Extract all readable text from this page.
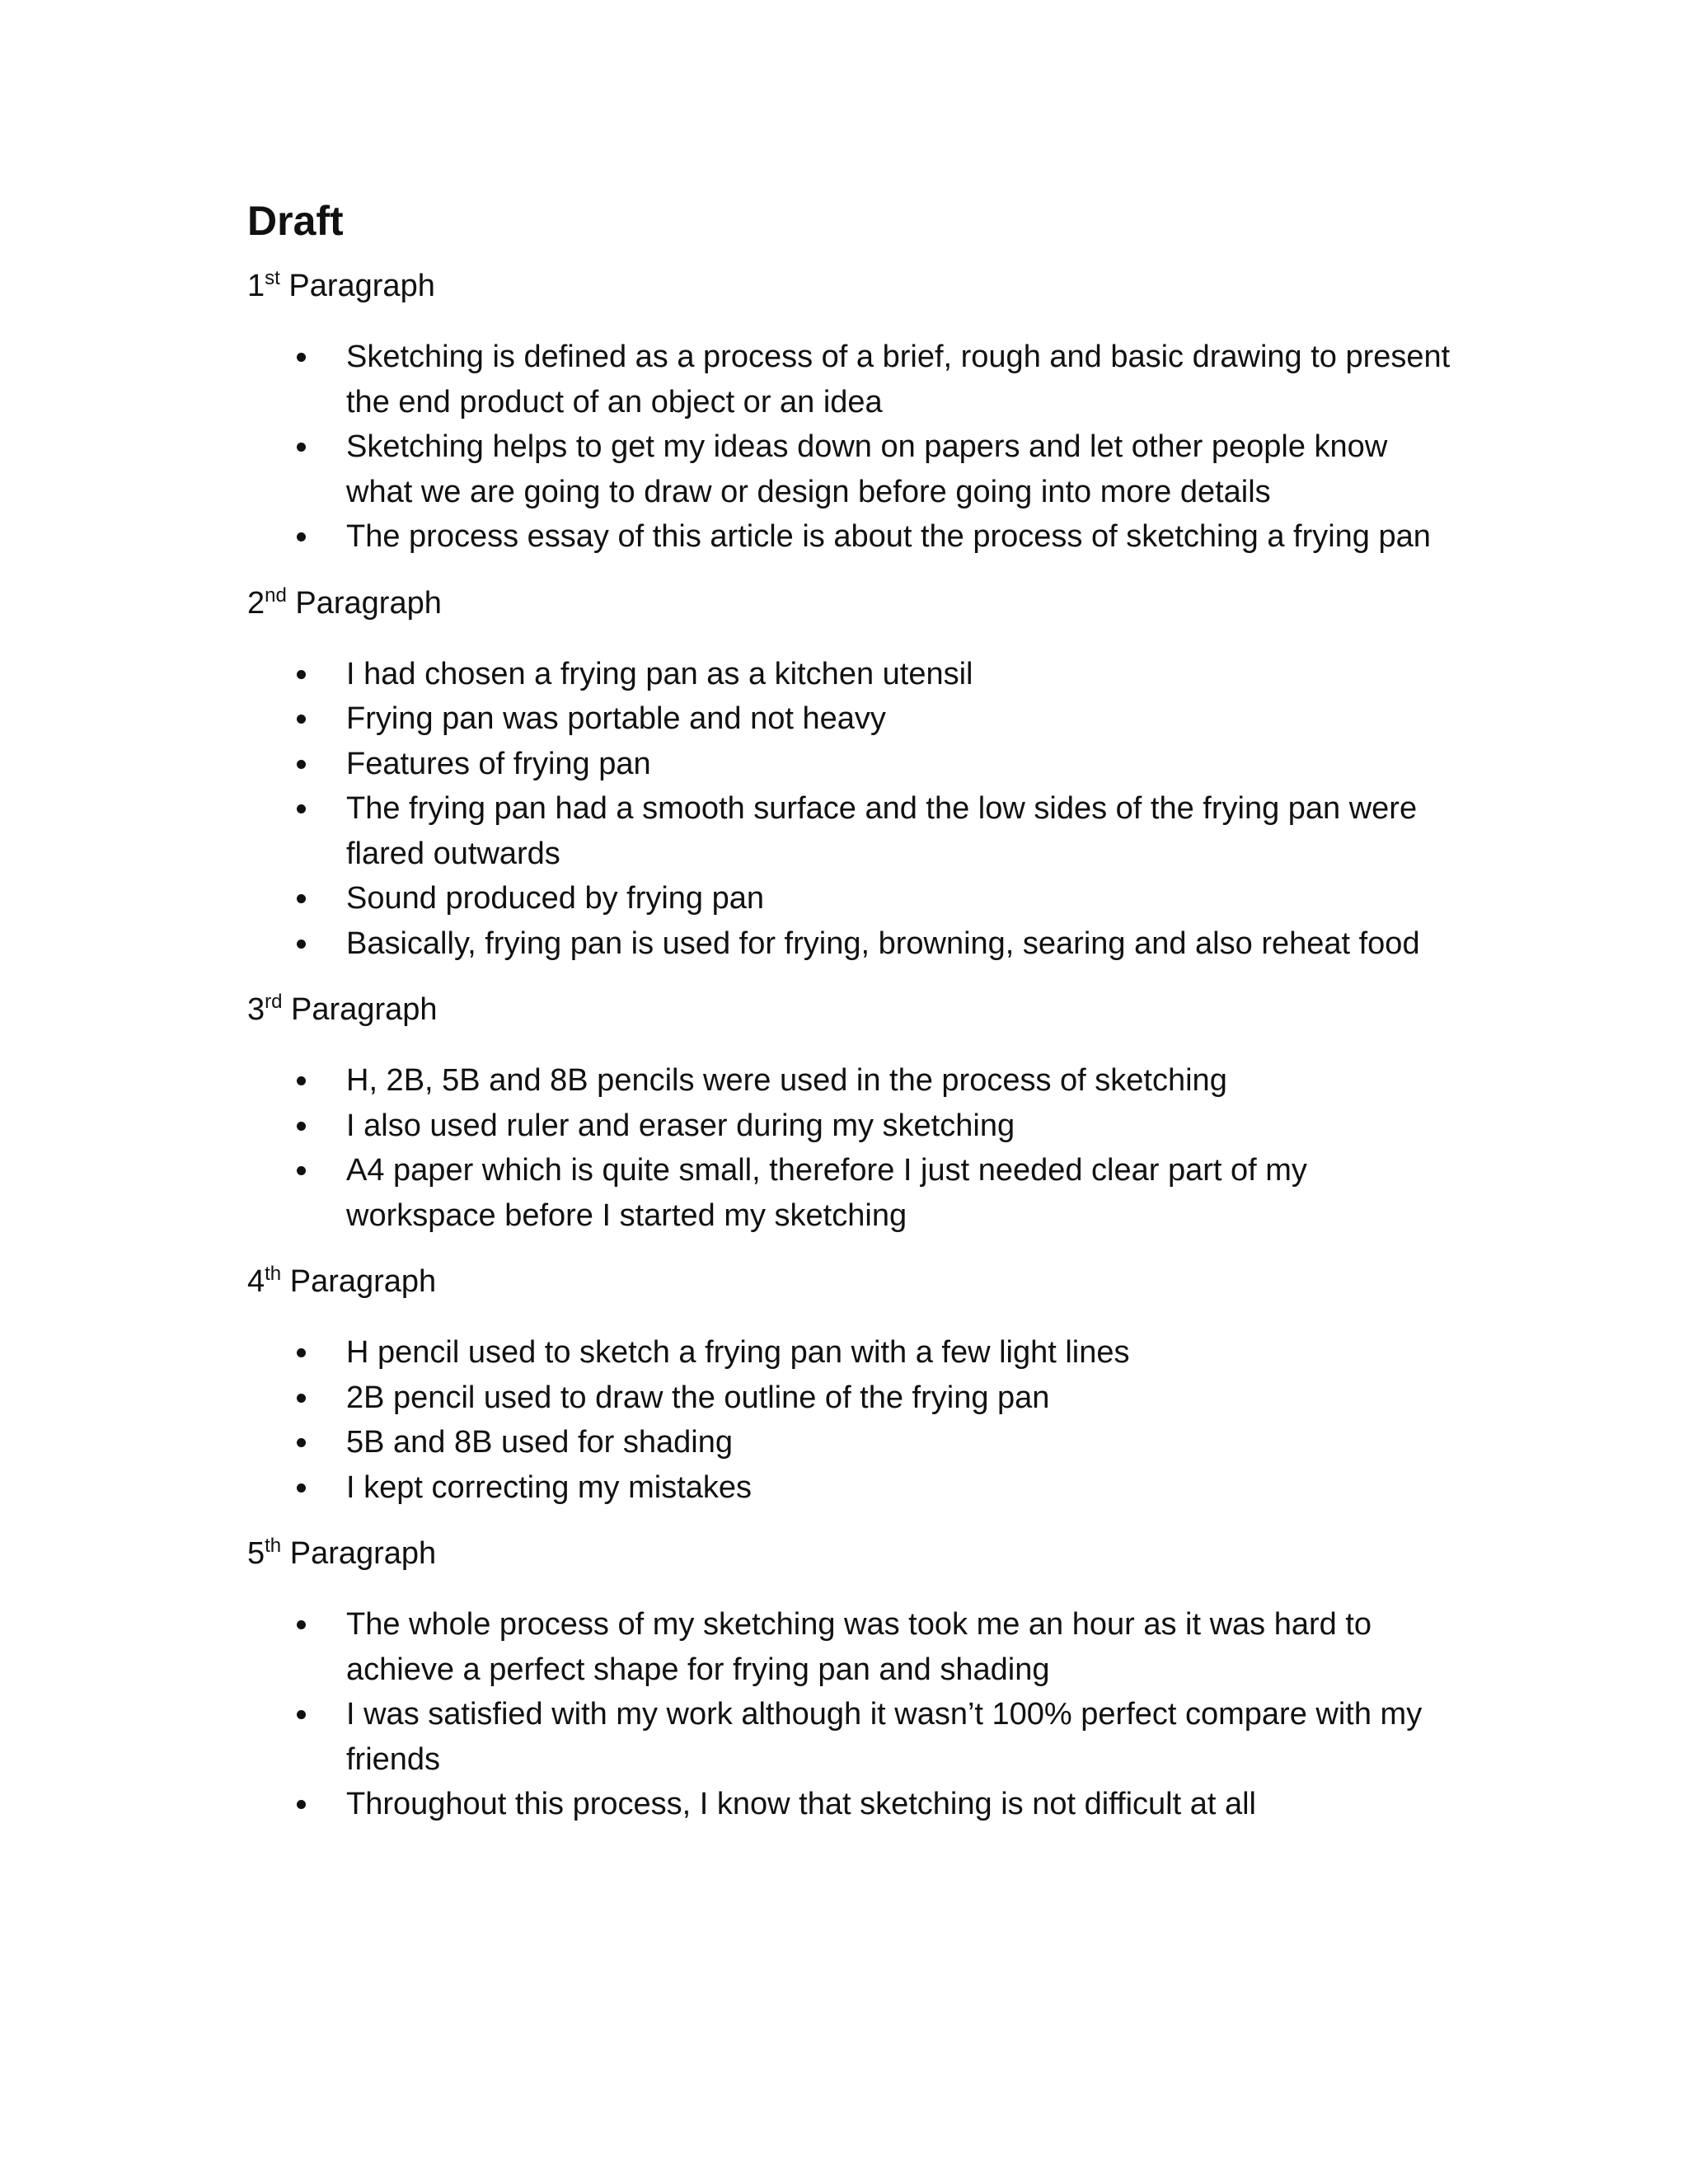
Draft
1st Paragraph
Sketching is defined as a process of a brief, rough and basic drawing to present the end product of an object or an idea
Sketching helps to get my ideas down on papers and let other people know what we are going to draw or design before going into more details
The process essay of this article is about the process of sketching a frying pan
2nd Paragraph
I had chosen a frying pan as a kitchen utensil
Frying pan was portable and not heavy
Features of frying pan
The frying pan had a smooth surface and the low sides of the frying pan were flared outwards
Sound produced by frying pan
Basically, frying pan is used for frying, browning, searing and also reheat food
3rd Paragraph
H, 2B, 5B and 8B pencils were used in the process of sketching
I also used ruler and eraser during my sketching
A4 paper which is quite small, therefore I just needed clear part of my workspace before I started my sketching
4th Paragraph
H pencil used to sketch a frying pan with a few light lines
2B pencil used to draw the outline of the frying pan
5B and 8B used for shading
I kept correcting my mistakes
5th Paragraph
The whole process of my sketching was took me an hour as it was hard to achieve a perfect shape for frying pan and shading
I was satisfied with my work although it wasn’t 100% perfect compare with my friends
Throughout this process, I know that sketching is not difficult at all
